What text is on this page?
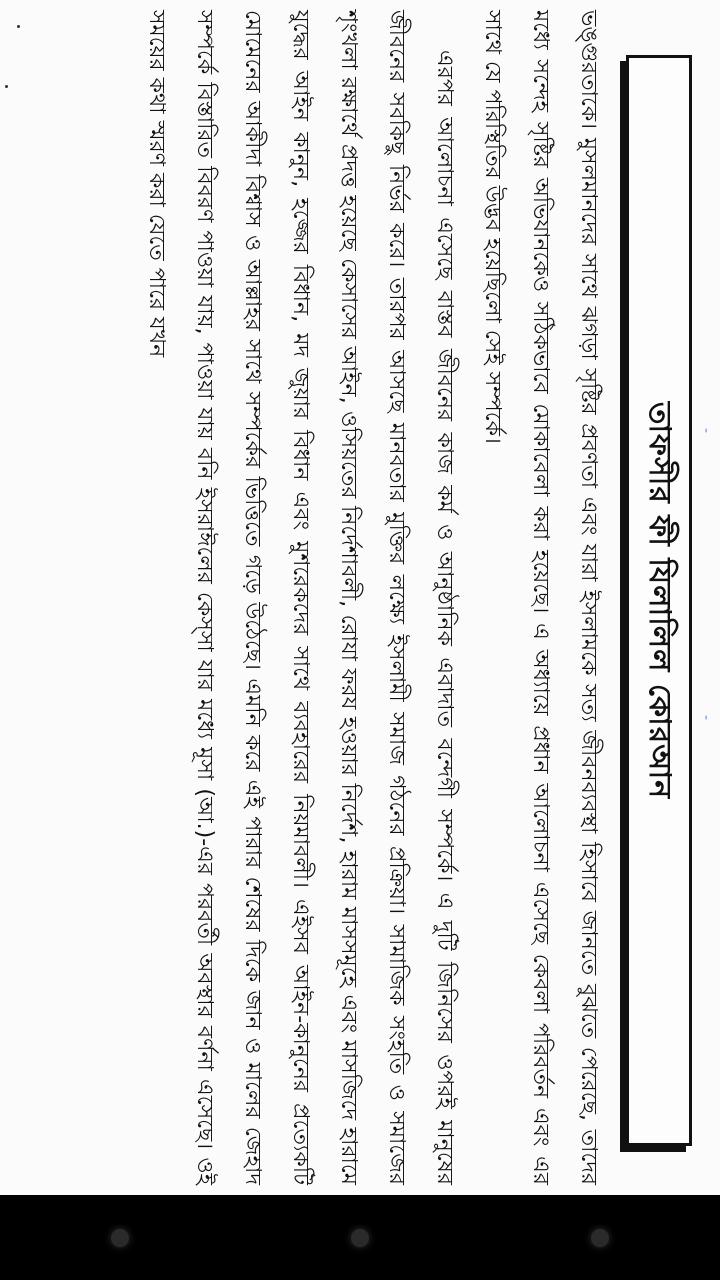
তাফসীর ফী যিলালিল কোরআন	-
-

ভঙ্গুরতাকে। মুসলমানদের সাথে ঝগড়া সৃষ্টির প্রবণতা এবং যারা ইসলামকে সত্য জীবনব্যবস্থা হিসাবে জানতে বুঝতে পেরেছে, তাদের মধ্যে সন্দেহ সৃষ্টির অভিযানকেও সঠিকভাবে মোকাবেলা করা হয়েছে। এ অধ্যায়ে প্রধান আলোচনা এসেছে কেবলা পরিবর্তন এবং এর সাথে যে পরিস্থিতির উদ্ভব হয়েছিলো সেই সম্পর্কে।

এরপর আলোচনা এসেছে বাস্তব জীবনের কাজ কর্ম ও আনুষ্ঠানিক এবাদাত বন্দেগী সম্পর্কে। এ দুটি জিনিসের ওপরই মানুষের জীবনের সবকিছু নির্ভর করে। তারপর আসছে মানবতার মুক্তির লক্ষ্যে ইসলামী সমাজ গঠনের প্রক্রিয়া। সামাজিক সংহতি ও সমাজের শৃংখলা রক্ষার্থে প্রদত্ত হয়েছে কেসাসের আইন, ওসিয়তের নির্দেশাবলী, রোযা ফরয হওয়ার নির্দেশ, হারাম মাসসমূহে এবং মাসজিদে হারামে যুদ্ধের আইন কানুন, হজ্জের বিধান, মদ জুয়ার বিধান এবং মুশরেকদের সাথে ব্যবহারের নিয়মাবলী। এইসব আইন-কানুনের প্রত্যেকটি মোমেনের আকীদা বিশ্বাস ও আল্লাহর সাথে সম্পর্কের ভিত্তিতে গড়ে উঠেছে। এমনি করে এই পারার শেষের দিকে জান ও মালের জেহাদ সম্পর্কে বিস্তারিত বিবরণ পাওয়া যায়, পাওয়া যায় বনি ইসরাঈলের কেস্সা যার মধ্যে মূসা (আ.)-এর পরবর্তী অবস্থার বর্ণনা এসেছে। ওই সময়ের কথা স্মরণ করা যেতে পারে যখন
